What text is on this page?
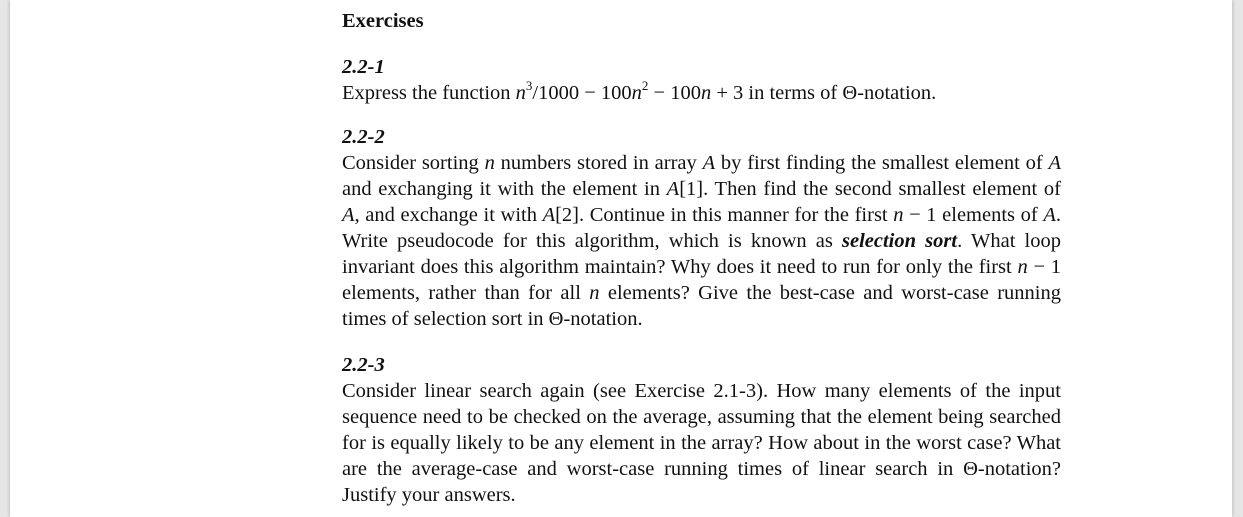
Exercises
2.2-1

Express the function $n^3/1000 - 100n^2 - 100n + 3$ in terms of Θ-notation.

2.2-2

Consider sorting n numbers stored in array A by first finding the smallest element of A and exchanging it with the element in A[1]. Then find the second smallest element of A, and exchange it with A[2]. Continue in this manner for the first n − 1 elements of A. Write pseudocode for this algorithm, which is known as selection sort. What loop invariant does this algorithm maintain? Why does it need to run for only the first n − 1 elements, rather than for all n elements? Give the best-case and worst-case running times of selection sort in Θ-notation.

2.2-3

Consider linear search again (see Exercise 2.1-3). How many elements of the input sequence need to be checked on the average, assuming that the element being searched for is equally likely to be any element in the array? How about in the worst case? What are the average-case and worst-case running times of linear search in Θ-notation? Justify your answers.
